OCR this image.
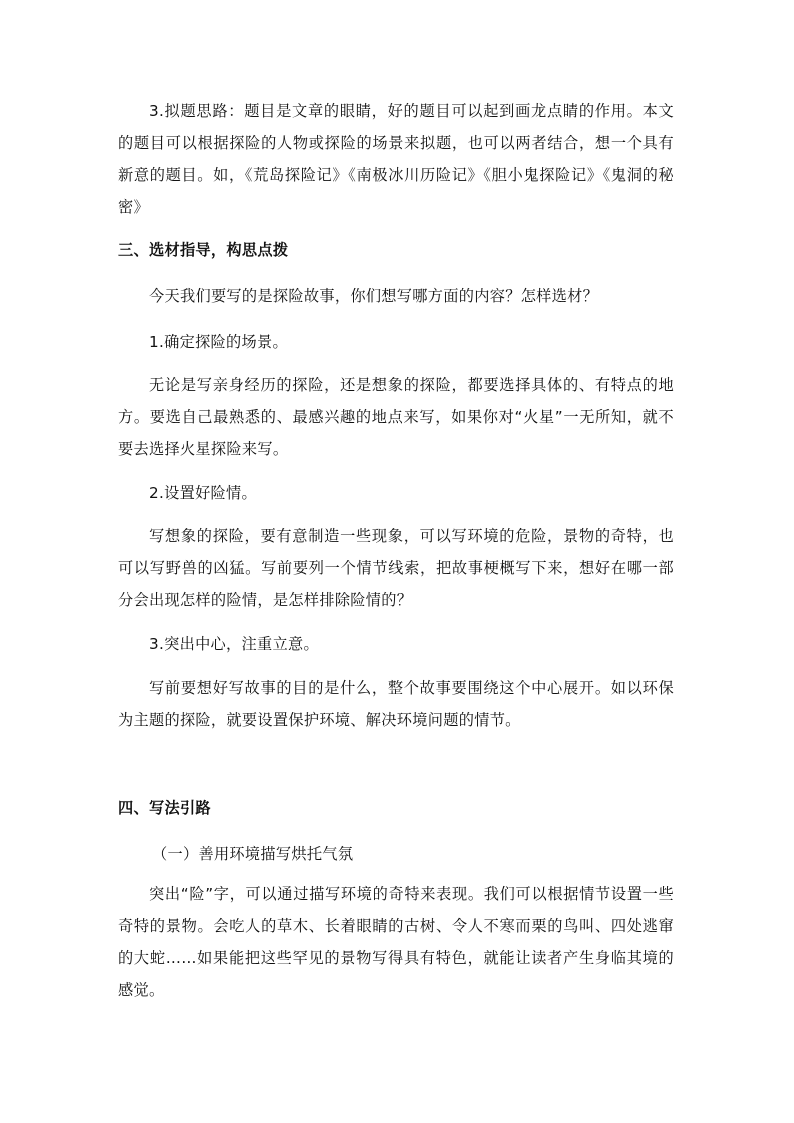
3.拟题思路：题目是文章的眼睛，好的题目可以起到画龙点睛的作用。本文的题目可以根据探险的人物或探险的场景来拟题，也可以两者结合，想一个具有新意的题目。如，《荒岛探险记》《南极冰川历险记》《胆小鬼探险记》《鬼洞的秘密》

三、选材指导，构思点拨

今天我们要写的是探险故事，你们想写哪方面的内容？怎样选材？

1.确定探险的场景。

无论是写亲身经历的探险，还是想象的探险，都要选择具体的、有特点的地方。要选自己最熟悉的、最感兴趣的地点来写，如果你对“火星”一无所知，就不要去选择火星探险来写。

2.设置好险情。

写想象的探险，要有意制造一些现象，可以写环境的危险，景物的奇特，也可以写野兽的凶猛。写前要列一个情节线索，把故事梗概写下来，想好在哪一部分会出现怎样的险情，是怎样排除险情的？

3.突出中心，注重立意。

写前要想好写故事的目的是什么，整个故事要围绕这个中心展开。如以环保为主题的探险，就要设置保护环境、解决环境问题的情节。

四、写法引路

（一）善用环境描写烘托气氛

突出“险”字，可以通过描写环境的奇特来表现。我们可以根据情节设置一些奇特的景物。会吃人的草木、长着眼睛的古树、令人不寒而栗的鸟叫、四处逃窜的大蛇……如果能把这些罕见的景物写得具有特色，就能让读者产生身临其境的感觉。
